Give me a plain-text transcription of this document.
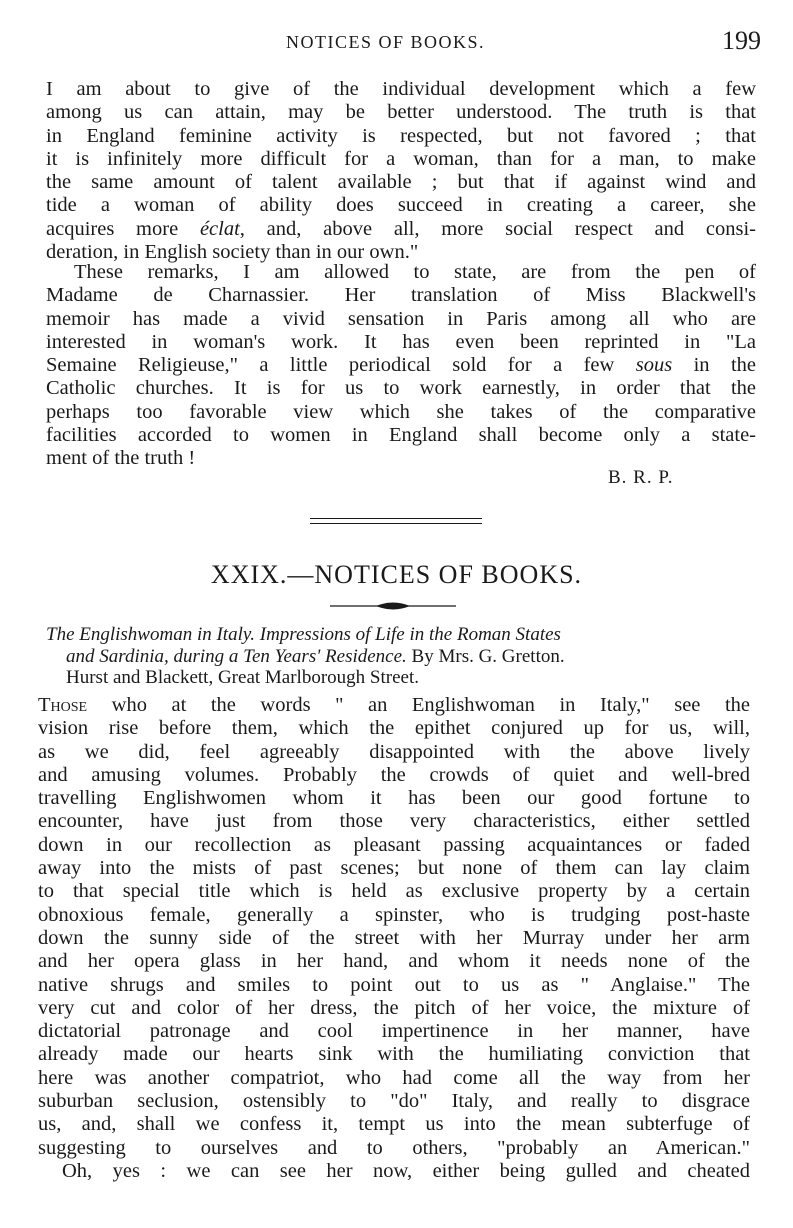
NOTICES OF BOOKS.	199
I am about to give of the individual development which a few
among us can attain, may be better understood. The truth is that
in England feminine activity is respected, but not favored ; that
it is infinitely more difficult for a woman, than for a man, to make
the same amount of talent available ; but that if against wind and
tide a woman of ability does succeed in creating a career, she
acquires more éclat, and, above all, more social respect and consi-
deration, in English society than in our own."
These remarks, I am allowed to state, are from the pen of
Madame de Charnassier. Her translation of Miss Blackwell's
memoir has made a vivid sensation in Paris among all who are
interested in woman's work. It has even been reprinted in "La
Semaine Religieuse," a little periodical sold for a few sous in the
Catholic churches. It is for us to work earnestly, in order that the
perhaps too favorable view which she takes of the comparative
facilities accorded to women in England shall become only a state-
ment of the truth !
B. R. P.
XXIX.—NOTICES OF BOOKS.
The Englishwoman in Italy. Impressions of Life in the Roman States
and Sardinia, during a Ten Years' Residence. By Mrs. G. Gretton.
Hurst and Blackett, Great Marlborough Street.
Those who at the words " an Englishwoman in Italy," see the
vision rise before them, which the epithet conjured up for us, will,
as we did, feel agreeably disappointed with the above lively
and amusing volumes. Probably the crowds of quiet and well-bred
travelling Englishwomen whom it has been our good fortune to
encounter, have just from those very characteristics, either settled
down in our recollection as pleasant passing acquaintances or faded
away into the mists of past scenes; but none of them can lay claim
to that special title which is held as exclusive property by a certain
obnoxious female, generally a spinster, who is trudging post-haste
down the sunny side of the street with her Murray under her arm
and her opera glass in her hand, and whom it needs none of the
native shrugs and smiles to point out to us as " Anglaise." The
very cut and color of her dress, the pitch of her voice, the mixture of
dictatorial patronage and cool impertinence in her manner, have
already made our hearts sink with the humiliating conviction that
here was another compatriot, who had come all the way from her
suburban seclusion, ostensibly to "do" Italy, and really to disgrace
us, and, shall we confess it, tempt us into the mean subterfuge of
suggesting to ourselves and to others, "probably an American."
Oh, yes : we can see her now, either being gulled and cheated
